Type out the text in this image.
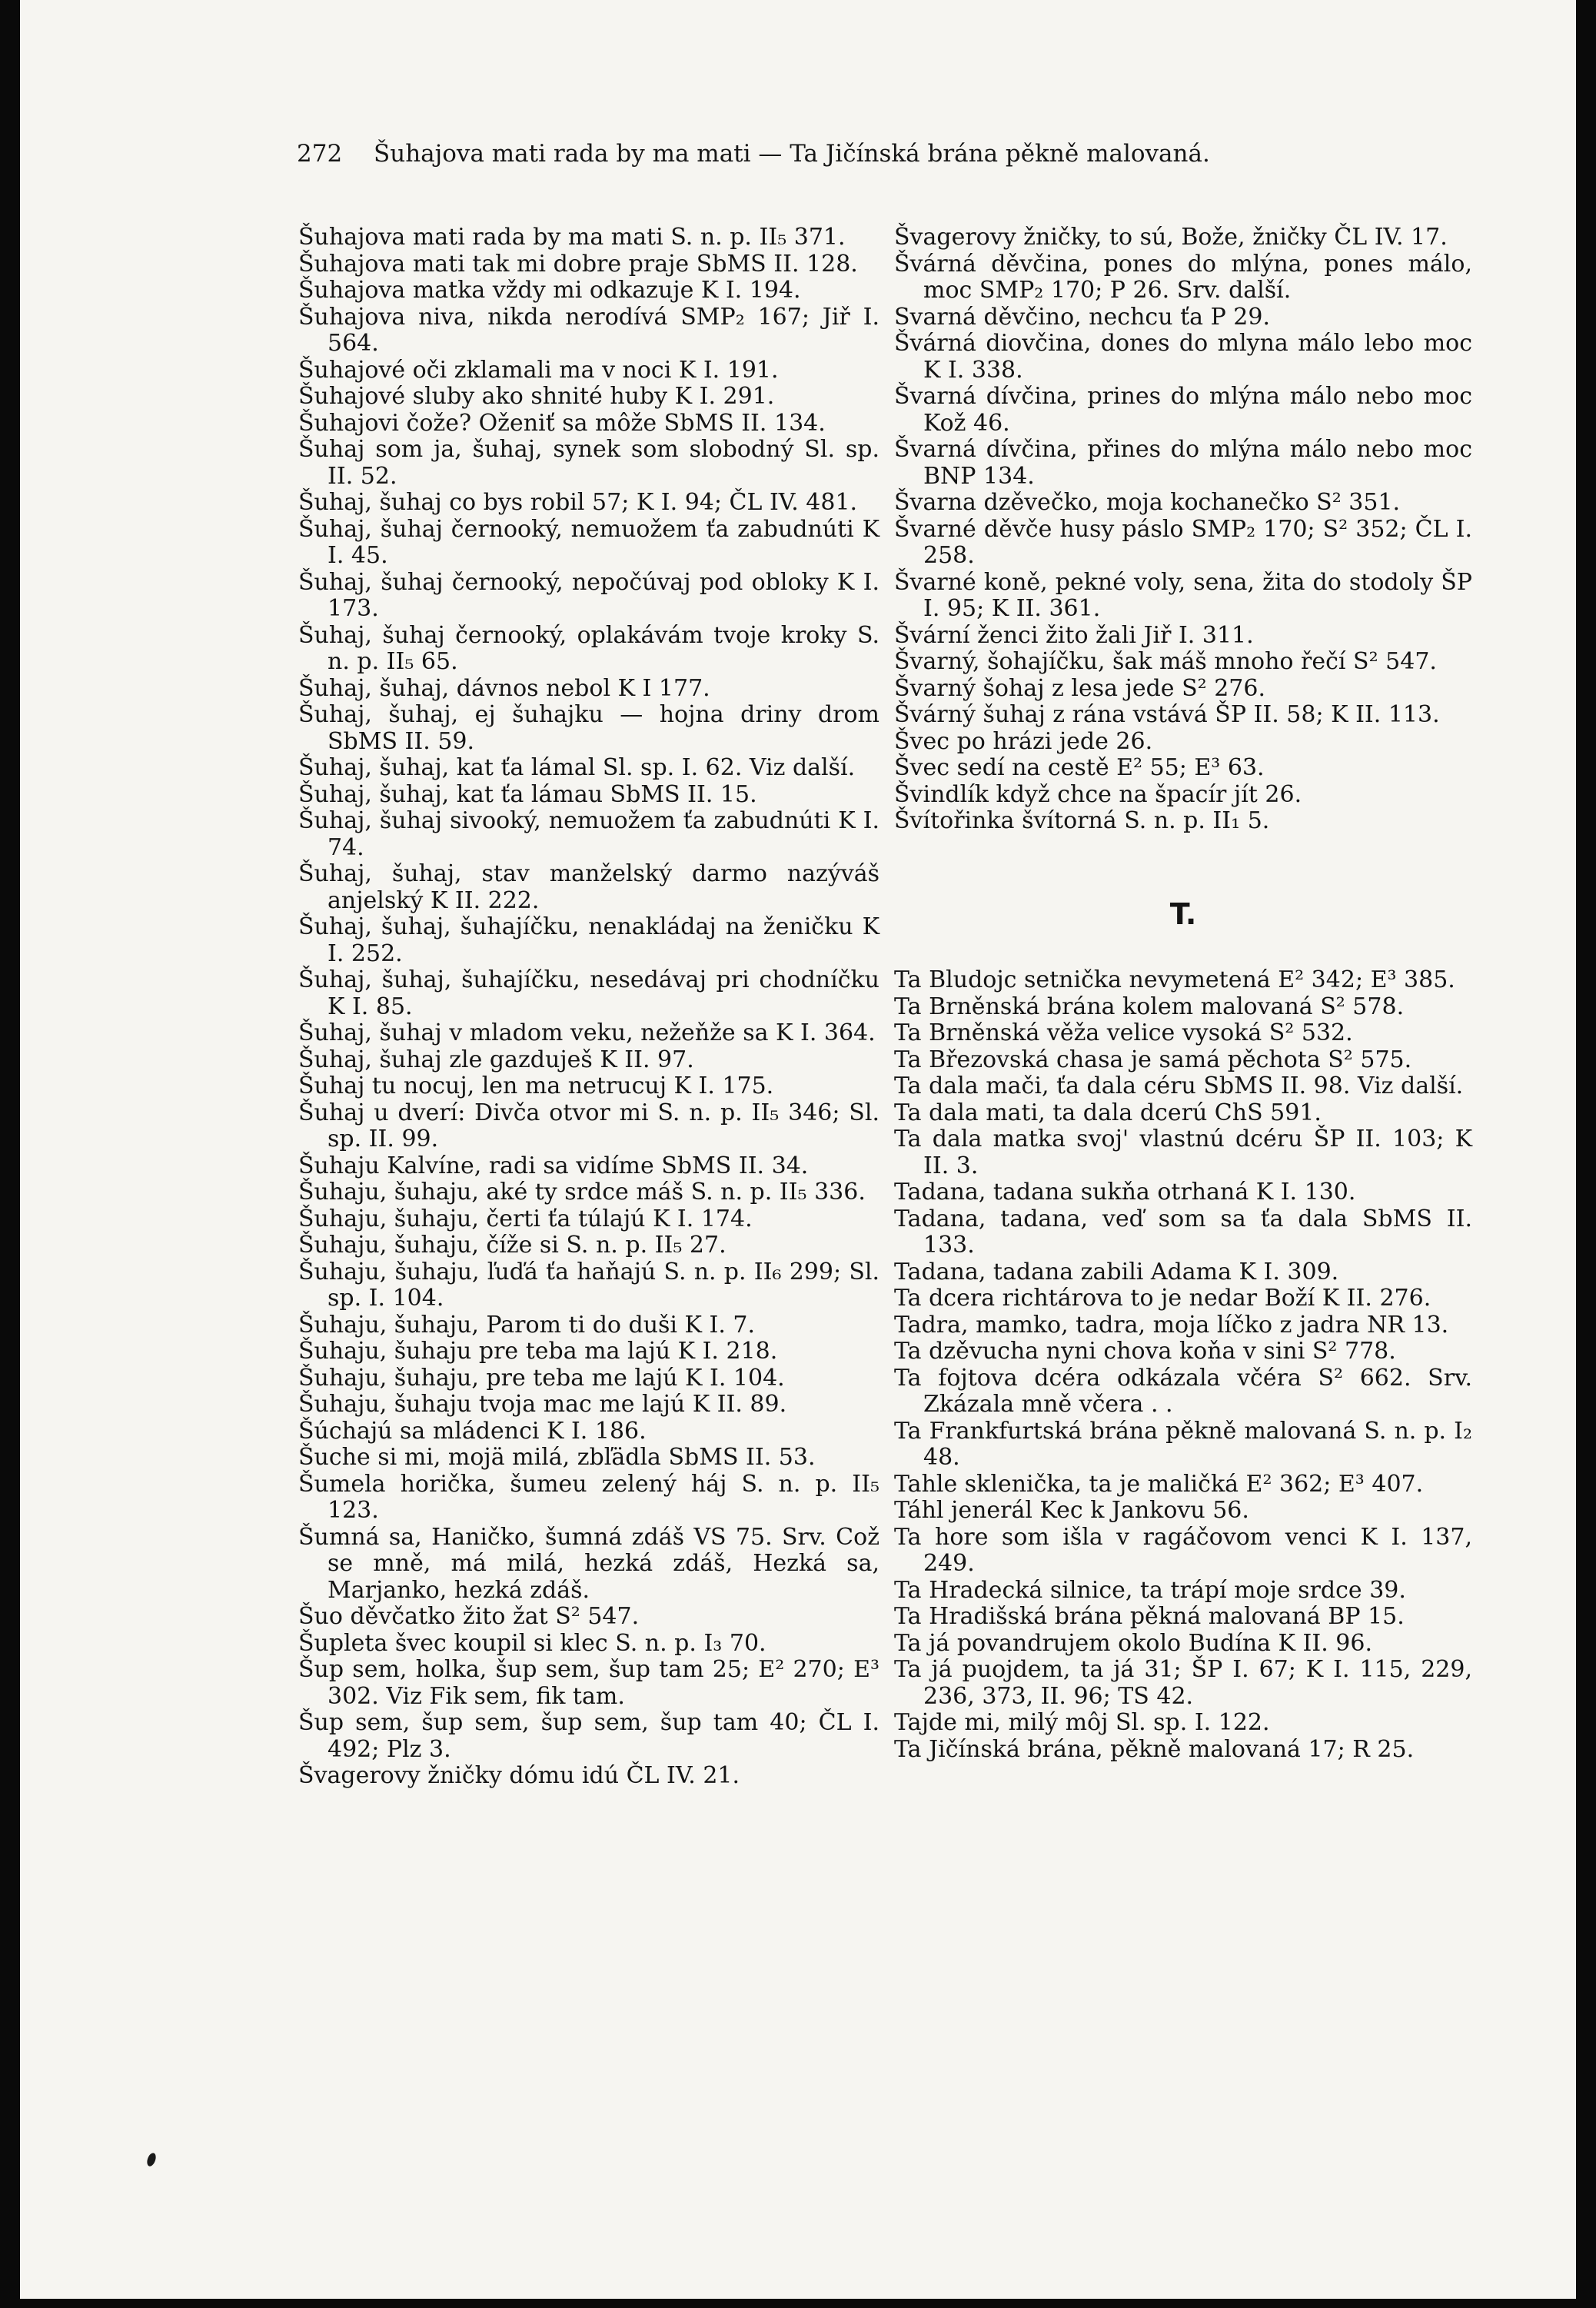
272 Šuhajova mati rada by ma mati — Ta Jičínská brána pěkně malovaná.

Šuhajova mati rada by ma mati S. n. p. II₅ 371.

Šuhajova mati tak mi dobre praje SbMS II. 128.

Šuhajova matka vždy mi odkazuje K I. 194.

Šuhajova niva, nikda nerodívá SMP₂ 167; Jiř I. 564.

Šuhajové oči zklamali ma v noci K I. 191.

Šuhajové sluby ako shnité huby K I. 291.

Šuhajovi čože? Oženiť sa môže SbMS II. 134.

Šuhaj som ja, šuhaj, synek som slobodný Sl. sp. II. 52.

Šuhaj, šuhaj co bys robil 57; K I. 94; ČL IV. 481.

Šuhaj, šuhaj černooký, nemuožem ťa zabudnúti K I. 45.

Šuhaj, šuhaj černooký, nepočúvaj pod obloky K I. 173.

Šuhaj, šuhaj černooký, oplakávám tvoje kroky S. n. p. II₅ 65.

Šuhaj, šuhaj, dávnos nebol K I 177.

Šuhaj, šuhaj, ej šuhajku — hojna driny drom SbMS II. 59.

Šuhaj, šuhaj, kat ťa lámal Sl. sp. I. 62. Viz další.

Šuhaj, šuhaj, kat ťa lámau SbMS II. 15.

Šuhaj, šuhaj sivooký, nemuožem ťa zabudnúti K I. 74.

Šuhaj, šuhaj, stav manželský darmo nazýváš anjelský K II. 222.

Šuhaj, šuhaj, šuhajíčku, nenakládaj na ženičku K I. 252.

Šuhaj, šuhaj, šuhajíčku, nesedávaj pri chodníčku K I. 85.

Šuhaj, šuhaj v mladom veku, nežeňže sa K I. 364.

Šuhaj, šuhaj zle gazduješ K II. 97.

Šuhaj tu nocuj, len ma netrucuj K I. 175.

Šuhaj u dverí: Divča otvor mi S. n. p. II₅ 346; Sl. sp. II. 99.

Šuhaju Kalvíne, radi sa vidíme SbMS II. 34.

Šuhaju, šuhaju, aké ty srdce máš S. n. p. II₅ 336.

Šuhaju, šuhaju, čerti ťa túlajú K I. 174.

Šuhaju, šuhaju, číže si S. n. p. II₅ 27.

Šuhaju, šuhaju, ľuďá ťa haňajú S. n. p. II₆ 299; Sl. sp. I. 104.

Šuhaju, šuhaju, Parom ti do duši K I. 7.

Šuhaju, šuhaju pre teba ma lajú K I. 218.

Šuhaju, šuhaju, pre teba me lajú K I. 104.

Šuhaju, šuhaju tvoja mac me lajú K II. 89.

Šúchajú sa mládenci K I. 186.

Šuche si mi, mojä milá, zbľädla SbMS II. 53.

Šumela horička, šumeu zelený háj S. n. p. II₅ 123.

Šumná sa, Haničko, šumná zdáš VS 75. Srv. Což se mně, má milá, hezká zdáš, Hezká sa, Marjanko, hezká zdáš.

Šuo děvčatko žito žat S² 547.

Šupleta švec koupil si klec S. n. p. I₃ 70.

Šup sem, holka, šup sem, šup tam 25; E² 270; E³ 302. Viz Fik sem, fik tam.

Šup sem, šup sem, šup sem, šup tam 40; ČL I. 492; Plz 3.

Švagerovy žničky dómu idú ČL IV. 21.

Švagerovy žničky, to sú, Bože, žničky ČL IV. 17.

Švárná děvčina, pones do mlýna, pones málo, moc SMP₂ 170; P 26. Srv. další.

Svarná děvčino, nechcu ťa P 29.

Švárná diovčina, dones do mlyna málo lebo moc K I. 338.

Švarná dívčina, prines do mlýna málo nebo moc Kož 46.

Švarná dívčina, přines do mlýna málo nebo moc BNP 134.

Švarna dzěvečko, moja kochanečko S² 351.

Švarné děvče husy páslo SMP₂ 170; S² 352; ČL I. 258.

Švarné koně, pekné voly, sena, žita do stodoly ŠP I. 95; K II. 361.

Švární ženci žito žali Jiř I. 311.

Švarný, šohajíčku, šak máš mnoho řečí S² 547.

Švarný šohaj z lesa jede S² 276.

Švárný šuhaj z rána vstává ŠP II. 58; K II. 113.

Švec po hrázi jede 26.

Švec sedí na cestě E² 55; E³ 63.

Švindlík když chce na špacír jít 26.

Švítořinka švítorná S. n. p. II₁ 5.

T.

Ta Bludojc setnička nevymetená E² 342; E³ 385.

Ta Brněnská brána kolem malovaná S² 578.

Ta Brněnská věža velice vysoká S² 532.

Ta Březovská chasa je samá pěchota S² 575.

Ta dala mači, ťa dala céru SbMS II. 98. Viz další.

Ta dala mati, ta dala dcerú ChS 591.

Ta dala matka svoj' vlastnú dcéru ŠP II. 103; K II. 3.

Tadana, tadana sukňa otrhaná K I. 130.

Tadana, tadana, veď som sa ťa dala SbMS II. 133.

Tadana, tadana zabili Adama K I. 309.

Ta dcera richtárova to je nedar Boží K II. 276.

Tadra, mamko, tadra, moja líčko z jadra NR 13.

Ta dzěvucha nyni chova koňa v sini S² 778.

Ta fojtova dcéra odkázala včéra S² 662. Srv. Zkázala mně včera . .

Ta Frankfurtská brána pěkně malovaná S. n. p. I₂ 48.

Tahle sklenička, ta je maličká E² 362; E³ 407.

Táhl jenerál Kec k Jankovu 56.

Ta hore som išla v ragáčovom venci K I. 137, 249.

Ta Hradecká silnice, ta trápí moje srdce 39.

Ta Hradišská brána pěkná malovaná BP 15.

Ta já povandrujem okolo Budína K II. 96.

Ta já puojdem, ta já 31; ŠP I. 67; K I. 115, 229, 236, 373, II. 96; TS 42.

Tajde mi, milý môj Sl. sp. I. 122.

Ta Jičínská brána, pěkně malovaná 17; R 25.
